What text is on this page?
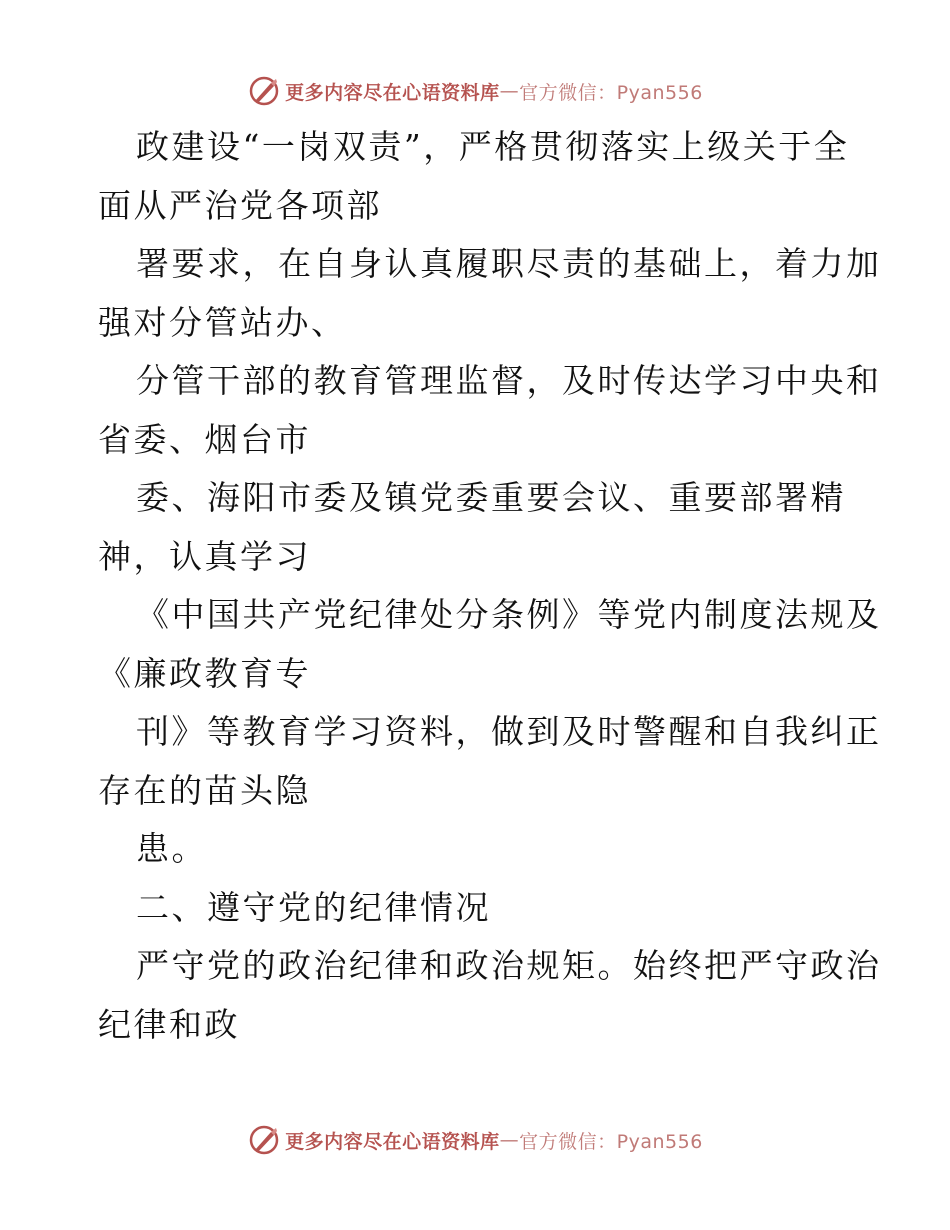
更多内容尽在心语资料库 — 官方微信：Pyan556
政建设“一岗双责”，严格贯彻落实上级关于全
面从严治党各项部
署要求，在自身认真履职尽责的基础上，着力加
强对分管站办、
分管干部的教育管理监督，及时传达学习中央和
省委、烟台市
委、海阳市委及镇党委重要会议、重要部署精
神，认真学习
《中国共产党纪律处分条例》等党内制度法规及
《廉政教育专
刊》等教育学习资料，做到及时警醒和自我纠正
存在的苗头隐
患。
二、遵守党的纪律情况
严守党的政治纪律和政治规矩。始终把严守政治
纪律和政
更多内容尽在心语资料库 — 官方微信：Pyan556
